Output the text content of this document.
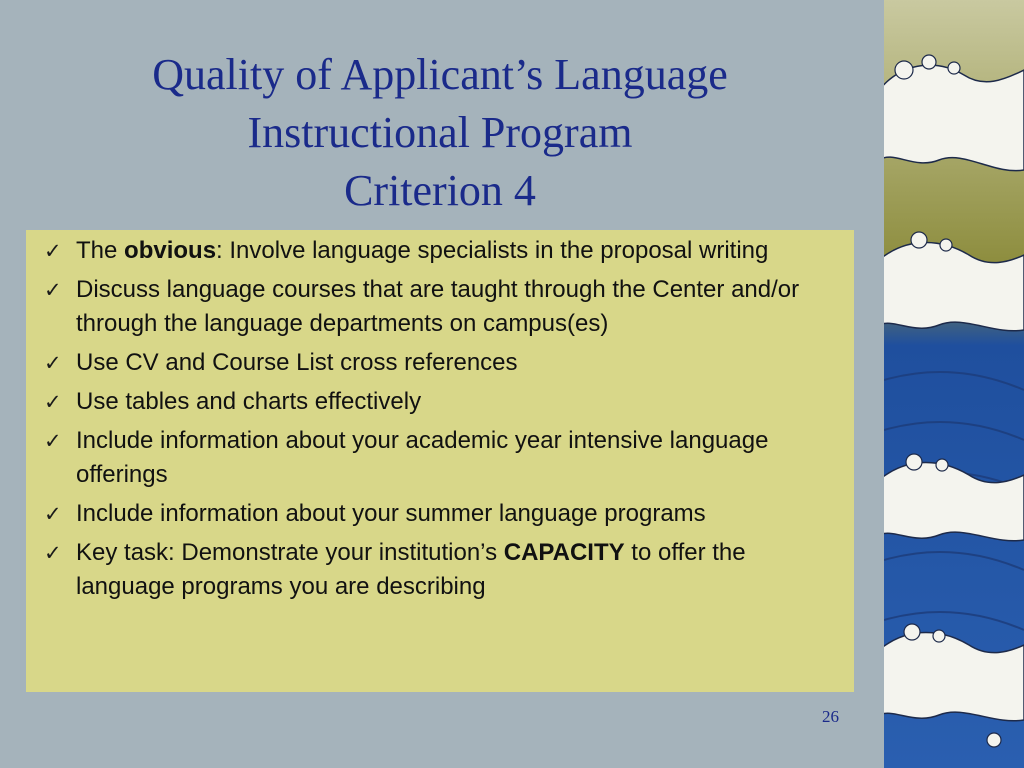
Quality of Applicant’s Language
Instructional Program
Criterion 4
✓ The obvious: Involve language specialists in the proposal writing
✓ Discuss language courses that are taught through the Center and/or through the language departments on campus(es)
✓ Use CV and Course List cross references
✓ Use tables and charts effectively
✓ Include information about your academic year intensive language offerings
✓ Include information about your summer language programs
✓ Key task: Demonstrate your institution’s CAPACITY to offer the language programs you are describing
26
